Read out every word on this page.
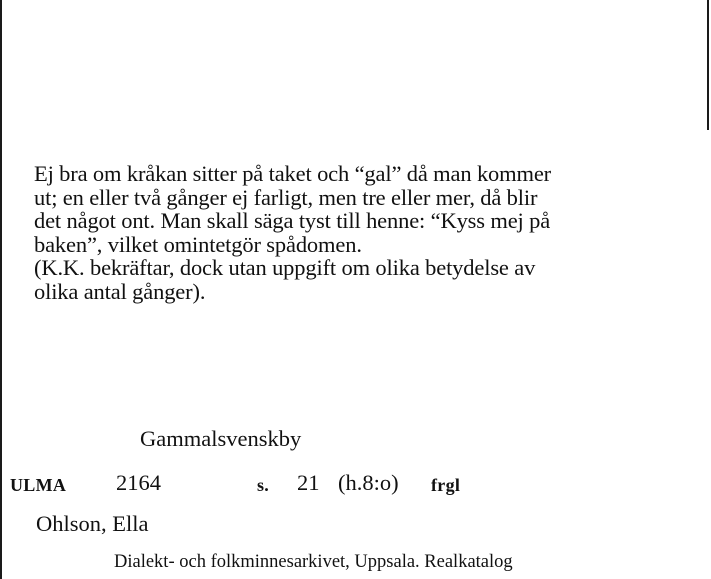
Ej bra om kråkan sitter på taket och “gal” då man kommer
ut; en eller två gånger ej farligt, men tre eller mer, då blir
det något ont. Man skall säga tyst till henne: “Kyss mej på
baken”, vilket omintetgör spådomen.
(K.K. bekräftar, dock utan uppgift om olika betydelse av
olika antal gånger).
Gammalsvenskby
ULMA 2164	s. 21 (h.8:o) frgl
Ohlson, Ella
Dialekt- och folkminnesarkivet, Uppsala. Realkatalog
